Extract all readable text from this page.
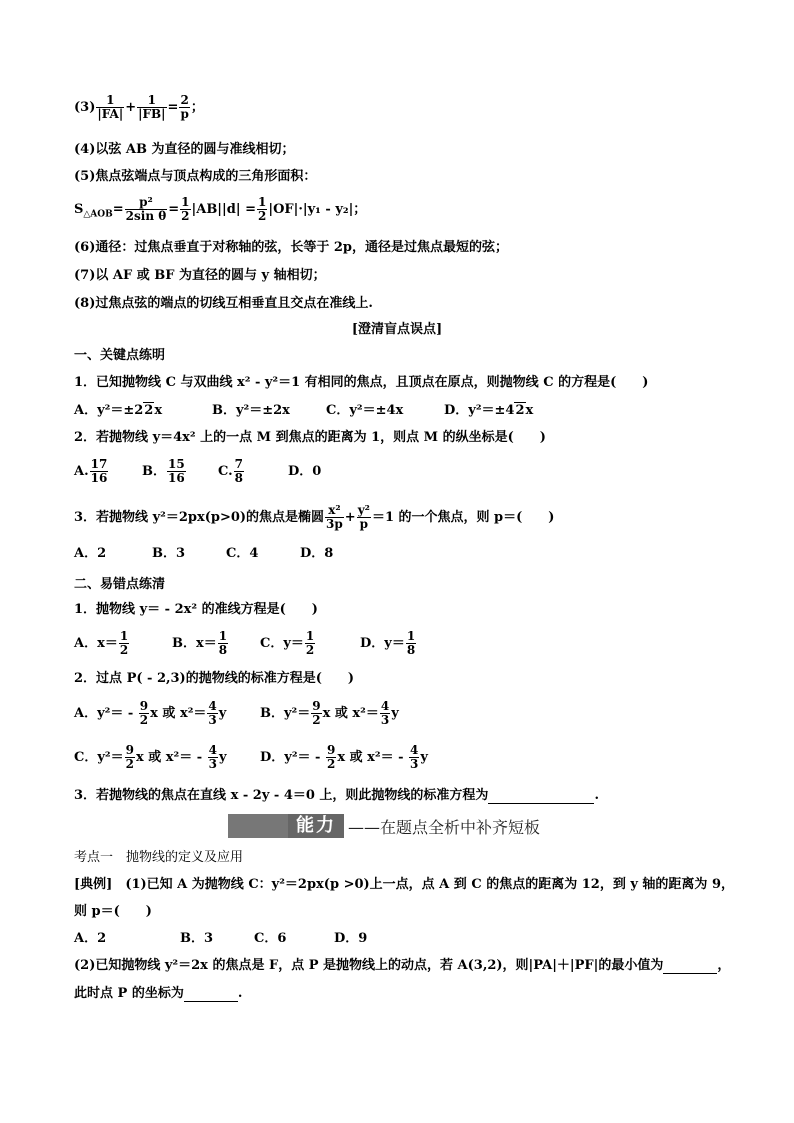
$(3) \frac{1}{|FA|} + \frac{1}{|FB|} = \frac{2}{p}$ ；
(4)以弦 AB 为直径的圆与准线相切；
(5)焦点弦端点与顶点构成的三角形面积：
$S_{\triangle AOB}= \frac{\text{p²}}{\text{2sin θ}} = \frac{1}{2} |AB||d| = \frac{1}{2} |OF|\cdot|y_1 - y_2|$；
(6)通径：过焦点垂直于对称轴的弦，长等于 2p，通径是过焦点最短的弦；
(7)以 AF 或 BF 为直径的圆与 y 轴相切；
(8)过焦点弦的端点的切线互相垂直且交点在准线上.
[澄清盲点误点]
一、关键点练明
1．已知抛物线 C 与双曲线 x² - y²＝1 有相同的焦点，且顶点在原点，则抛物线 C 的方程是(　　)
A．y²＝±22x	B．y²＝±2x	C．y²＝±4x	D．y²＝±42x
2．若抛物线 y＝4x² 上的一点 M 到焦点的距离为 1，则点 M 的纵坐标是(　　)
A. $\frac{17}{16}$	B． $\frac{15}{16} C$. $\frac{7}{8}$	D．0
3．若抛物线 y²＝2px(p>0)的焦点是椭圆 $\frac{\text{x²}}{3p} + \frac{\text{y²}}{p} =1$ 的一个焦点，则 p＝(　　)
A．2	B．3	C．4	D．8
二、易错点练清
1．抛物线 y＝ - 2x² 的准线方程是(　　)
A．$x= \frac{1}{2}$	B．$x= \frac{1}{8}$ C．$y= \frac{1}{2}$	D．$y= \frac{1}{8}$
2．过点 P( - 2,3)的抛物线的标准方程是(　　)
A．$y^2= - \frac{9}{2}$ x 或 $x^2= \frac{4}{3}$ y	B．$y^2= \frac{9}{2}$ x 或 $x^2= \frac{4}{3}$ y
C．$y^2= \frac{9}{2}$ x 或 $x^2= - \frac{4}{3}$ y	D．$y^2= - \frac{9}{2}$ x 或 $x^2= - \frac{4}{3}$ y
3．若抛物线的焦点在直线 x - 2y - 4＝0 上，则此抛物线的标准方程为	.
能力 ——在题点全析中补齐短板
考点一　抛物线的定义及应用
[典例]　(1)已知 A 为抛物线 C：y²＝2px(p >0)上一点，点 A 到 C 的焦点的距离为 12，到 y 轴的距离为 9，
则 p＝(　　)
A．2	B．3	C．6	D．9
(2)已知抛物线 y²＝2x 的焦点是 F，点 P 是抛物线上的动点，若 A(3,2)，则|PA|＋|PF|的最小值为	，
此时点 P 的坐标为	.
